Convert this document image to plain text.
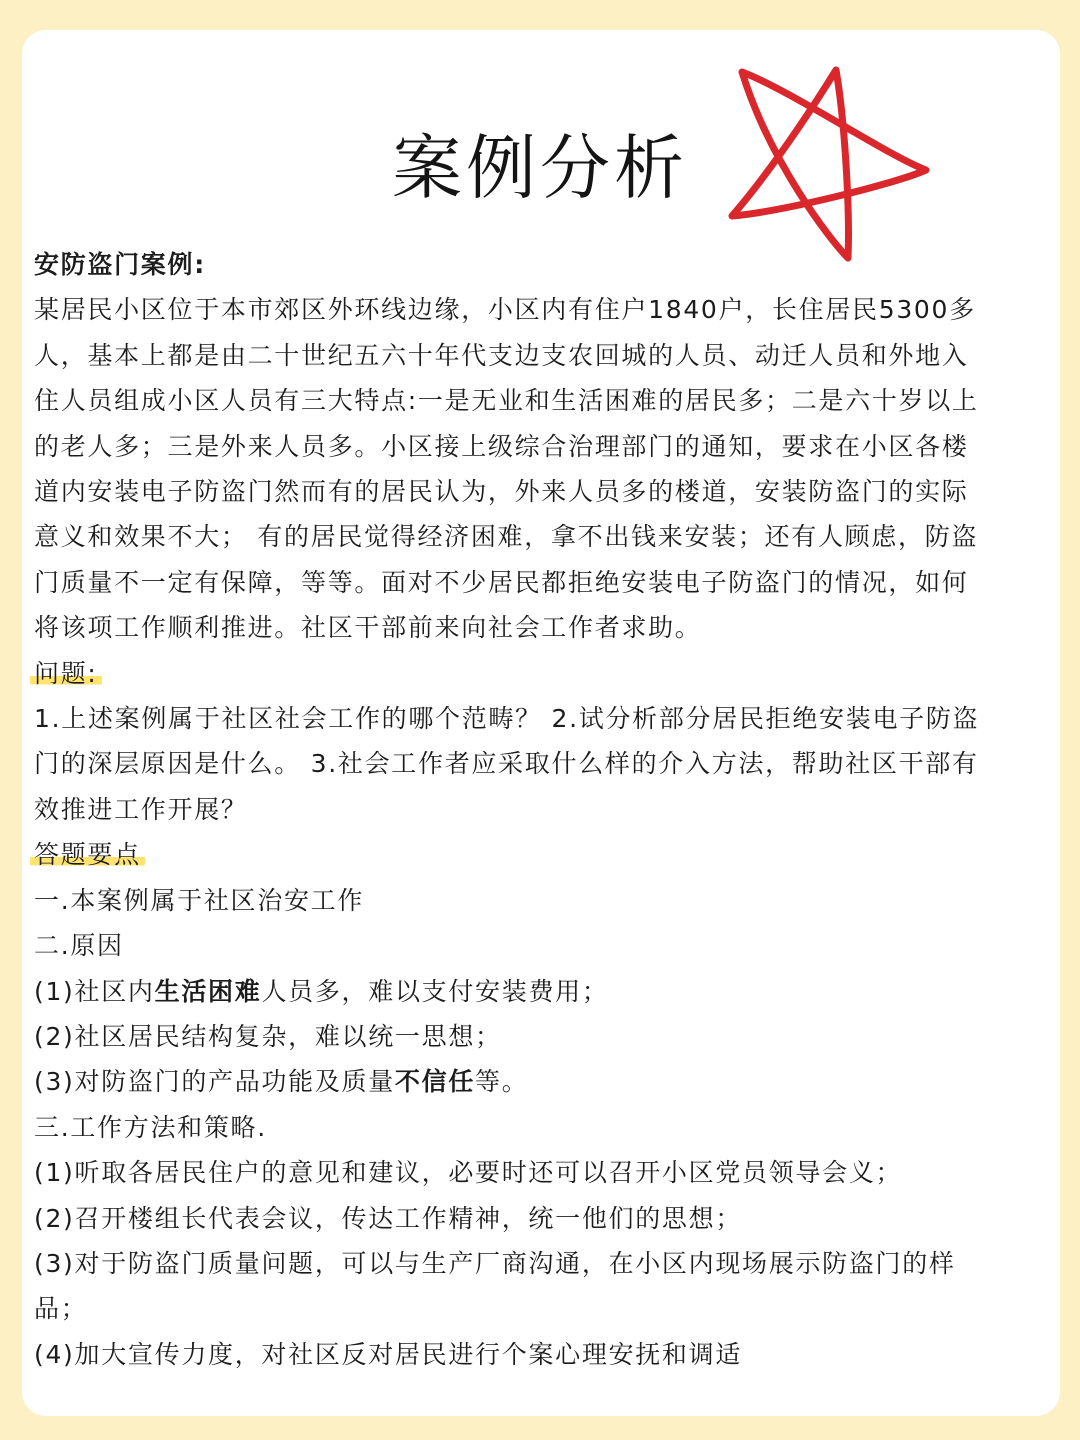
案例分析

安防盗门案例:

某居民小区位于本市郊区外环线边缘，小区内有住户1840户，长住居民5300多

人，基本上都是由二十世纪五六十年代支边支农回城的人员、动迁人员和外地入

住人员组成小区人员有三大特点:一是无业和生活困难的居民多；二是六十岁以上

的老人多；三是外来人员多。小区接上级综合治理部门的通知，要求在小区各楼

道内安装电子防盗门然而有的居民认为，外来人员多的楼道，安装防盗门的实际

意义和效果不大； 有的居民觉得经济困难，拿不出钱来安装；还有人顾虑，防盗

门质量不一定有保障，等等。面对不少居民都拒绝安装电子防盗门的情况，如何

将该项工作顺利推进。社区干部前来向社会工作者求助。

问题:

1.上述案例属于社区社会工作的哪个范畴？ 2.试分析部分居民拒绝安装电子防盗

门的深层原因是什么。 3.社会工作者应采取什么样的介入方法，帮助社区干部有

效推进工作开展？

答题要点

一.本案例属于社区治安工作

二.原因

(1)社区内生活困难人员多，难以支付安装费用；

(2)社区居民结构复杂，难以统一思想；

(3)对防盗门的产品功能及质量不信任等。

三.工作方法和策略.

(1)听取各居民住户的意见和建议，必要时还可以召开小区党员领导会义；

(2)召开楼组长代表会议，传达工作精神，统一他们的思想；

(3)对于防盗门质量问题，可以与生产厂商沟通，在小区内现场展示防盗门的样

品；

(4)加大宣传力度，对社区反对居民进行个案心理安抚和调适
